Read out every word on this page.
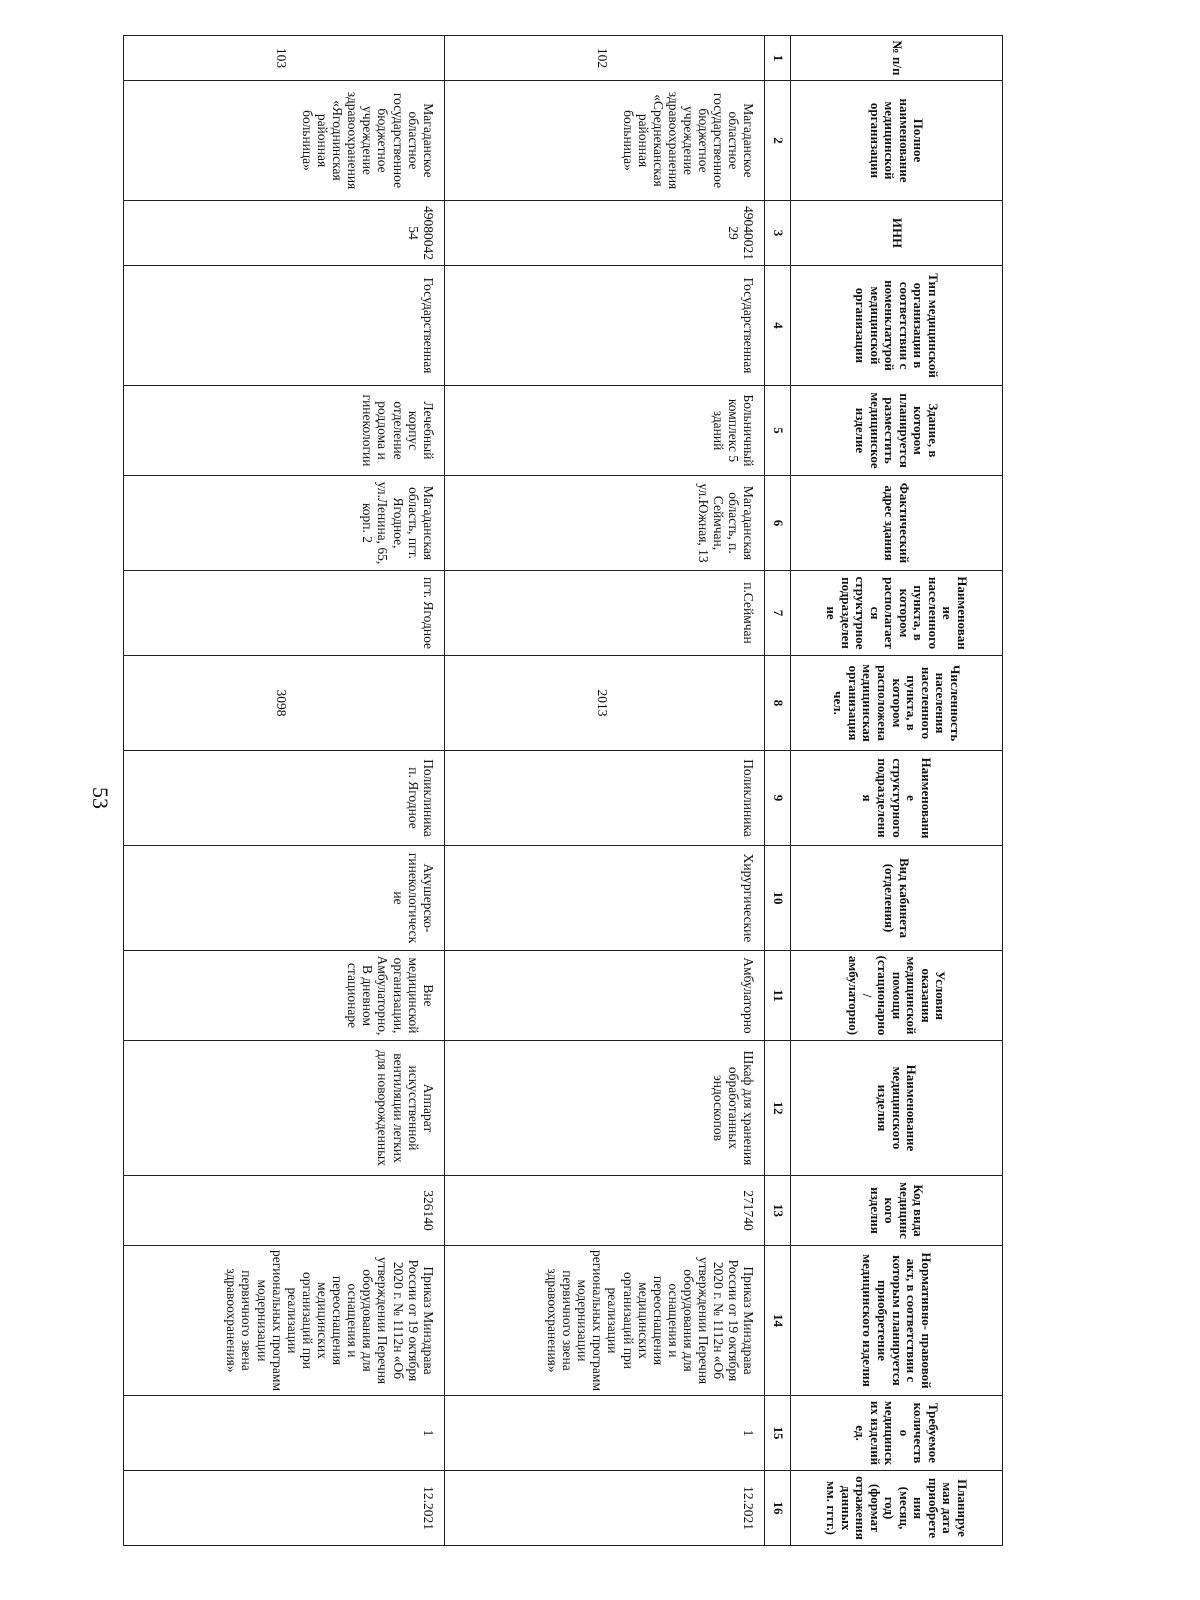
53
№ п/п	Полное наименование медицинской организации	ИНН	Тип медицинской организации в соответствии с номенклатурой медицинской организации	Здание, в котором планируется разместить медицинское изделие	Фактический адрес здания	Наименование населенного пункта, в котором располагается структурное подразделение	Численность населения населенного пункта, в котором расположена медицинская организация чел.	Наименование структурного подразделения	Вид кабинета (отделения)	Условия оказания медицинской помощи (стационарно/амбулаторно)	Наименование медицинского изделия	Код вида медицинского изделия	Нормативно- правовой акт, в соответствии с которым планируется приобретение медицинского изделия	Требуемое количество медицинских изделий ед.	Планируемая дата приобретения (месяц, год) (формат отражения данных мм. гггг.)
1	2	3	4	5	6	7	8	9	10	11	12	13	14	15	16
102	Магаданское областное государственное бюджетное учреждение здравоохранения «Среднеканская районная больница»	4904002129	Государственная	Больничный комплекс 5 зданий	Магаданская область, п. Сеймчан, ул.Южная, 13	п.Сеймчан	2013	Поликлиника	Хирургические	Амбулаторно	Шкаф для хранения обработанных эндоскопов	271740	Приказ Минздрава России от 19 октября 2020 г. № 1112н «Об утверждении Перечня оборудования для оснащения и переоснащения медицинских организаций при реализации региональных программ модернизации первичного звена здравоохранения»	1	12.2021
103	Магаданское областное государственное бюджетное учреждение здравоохранения «Ягоднинская районная больница»	4908004254	Государственная	Лечебный корпус отделение роддома и гинекологии	Магаданская область, пгт. Ягодное, ул.Ленина, 65, корп. 2	пгт. Ягодное	3098	Поликлиника п. Ягодное	Акушерско-гинекологические	Вне медицинской организации, Амбулаторно, В дневном стационаре	Аппарат искусственной вентиляции легких для новорожденных	326140	Приказ Минздрава России от 19 октября 2020 г. № 1112н «Об утверждении Перечня оборудования для оснащения и переоснащения медицинских организаций при реализации региональных программ модернизации первичного звена здравоохранения»	1	12.2021
